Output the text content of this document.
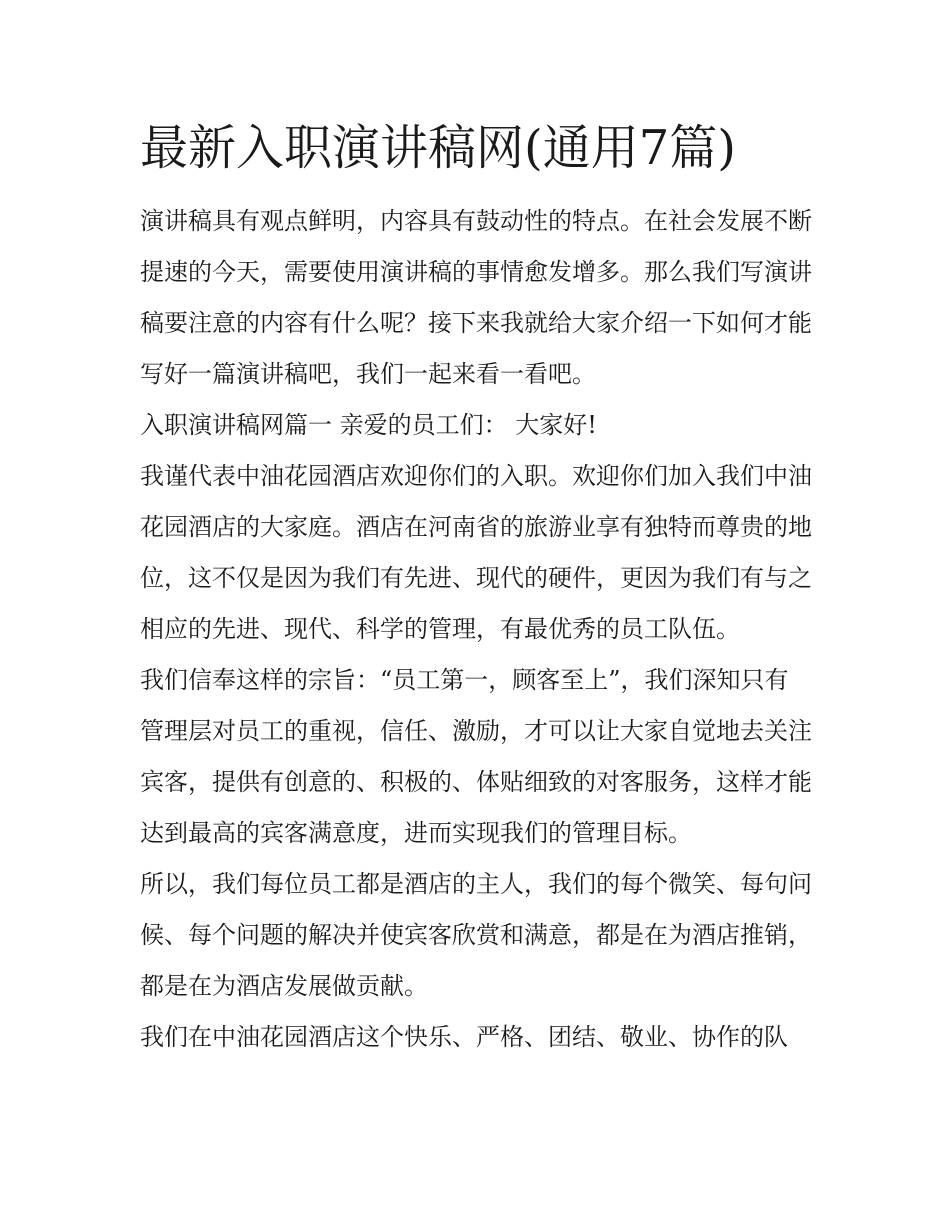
最新入职演讲稿网(通用7篇)

演讲稿具有观点鲜明，内容具有鼓动性的特点。在社会发展不断提速的今天，需要使用演讲稿的事情愈发增多。那么我们写演讲稿要注意的内容有什么呢？接下来我就给大家介绍一下如何才能写好一篇演讲稿吧，我们一起来看一看吧。

入职演讲稿网篇一 亲爱的员工们： 大家好!

我谨代表中油花园酒店欢迎你们的入职。欢迎你们加入我们中油花园酒店的大家庭。酒店在河南省的旅游业享有独特而尊贵的地位，这不仅是因为我们有先进、现代的硬件，更因为我们有与之相应的先进、现代、科学的管理，有最优秀的员工队伍。

我们信奉这样的宗旨：“员工第一，顾客至上”，我们深知只有管理层对员工的重视，信任、激励，才可以让大家自觉地去关注宾客，提供有创意的、积极的、体贴细致的对客服务，这样才能达到最高的宾客满意度，进而实现我们的管理目标。

所以，我们每位员工都是酒店的主人，我们的每个微笑、每句问候、每个问题的解决并使宾客欣赏和满意，都是在为酒店推销，都是在为酒店发展做贡献。

我们在中油花园酒店这个快乐、严格、团结、敬业、协作的队
